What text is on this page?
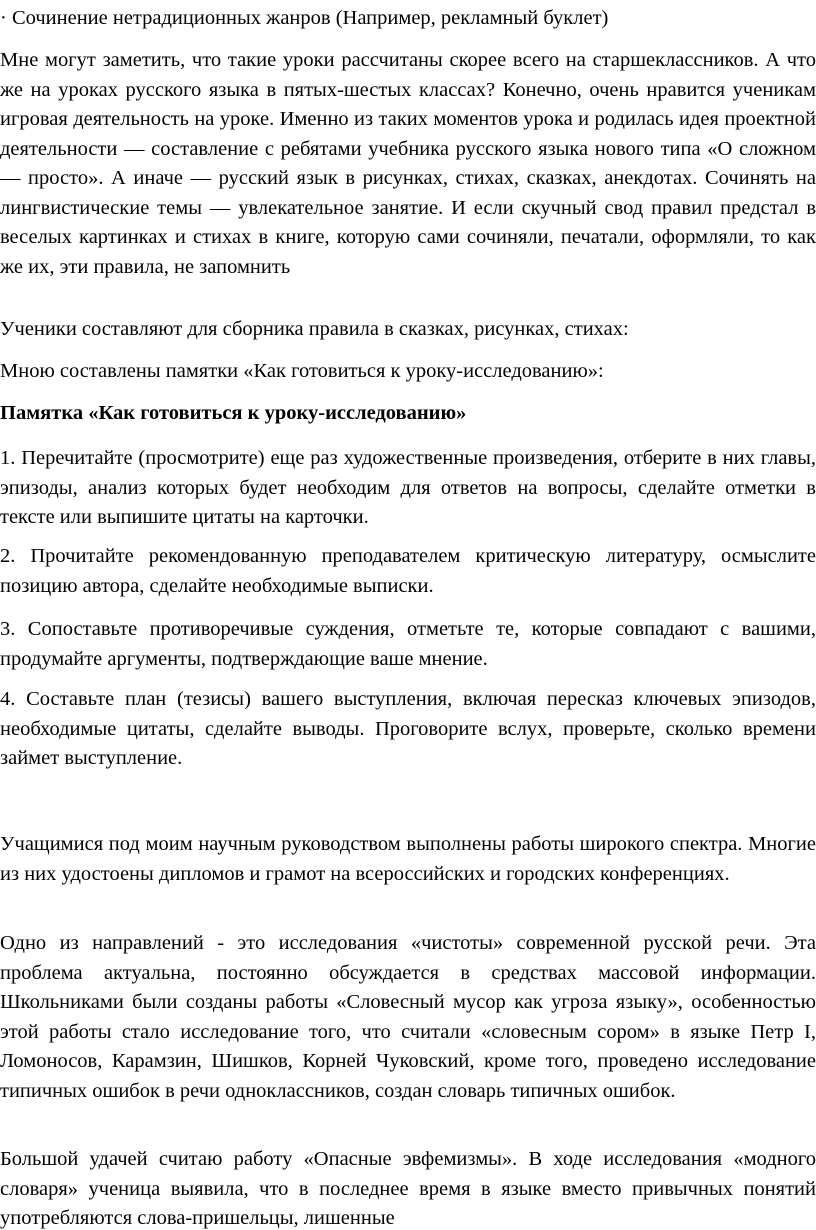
· Сочинение нетрадиционных жанров (Например, рекламный буклет)

Мне могут заметить, что такие уроки рассчитаны скорее всего на старшеклассников. А что же на уроках русского языка в пятых-шестых классах? Конечно, очень нравится ученикам игровая деятельность на уроке. Именно из таких моментов урока и родилась идея проектной деятельности — составление с ребятами учебника русского языка нового типа «О сложном — просто». А иначе — русский язык в рисунках, стихах, сказках, анекдотах. Сочинять на лингвистические темы — увлекательное занятие. И если скучный свод правил предстал в веселых картинках и стихах в книге, которую сами сочиняли, печатали, оформляли, то как же их, эти правила, не запомнить

Ученики составляют для сборника правила в сказках, рисунках, стихах:

Мною составлены памятки «Как готовиться к уроку-исследованию»:

Памятка «Как готовиться к уроку-исследованию»

1. Перечитайте (просмотрите) еще раз художественные произведения, отберите в них главы, эпизоды, анализ которых будет необходим для ответов на вопросы, сделайте отметки в тексте или выпишите цитаты на карточки.

2. Прочитайте рекомендованную преподавателем критическую литературу, осмыслите позицию автора, сделайте необходимые выписки.

3. Сопоставьте противоречивые суждения, отметьте те, которые совпадают с вашими, продумайте аргументы, подтверждающие ваше мнение.

4. Составьте план (тезисы) вашего выступления, включая пересказ ключевых эпизодов, необходимые цитаты, сделайте выводы. Проговорите вслух, проверьте, сколько времени займет выступление.

Учащимися под моим научным руководством выполнены работы широкого спектра. Многие из них удостоены дипломов и грамот на всероссийских и городских конференциях.

Одно из направлений - это исследования «чистоты» современной русской речи. Эта проблема актуальна, постоянно обсуждается в средствах массовой информации. Школьниками были созданы работы «Словесный мусор как угроза языку», особенностью этой работы стало исследование того, что считали «словесным сором» в языке Петр I, Ломоносов, Карамзин, Шишков, Корней Чуковский, кроме того, проведено исследование типичных ошибок в речи одноклассников, создан словарь типичных ошибок.

Большой удачей считаю работу «Опасные эвфемизмы». В ходе исследования «модного словаря» ученица выявила, что в последнее время в языке вместо привычных понятий употребляются слова-пришельцы, лишенные
